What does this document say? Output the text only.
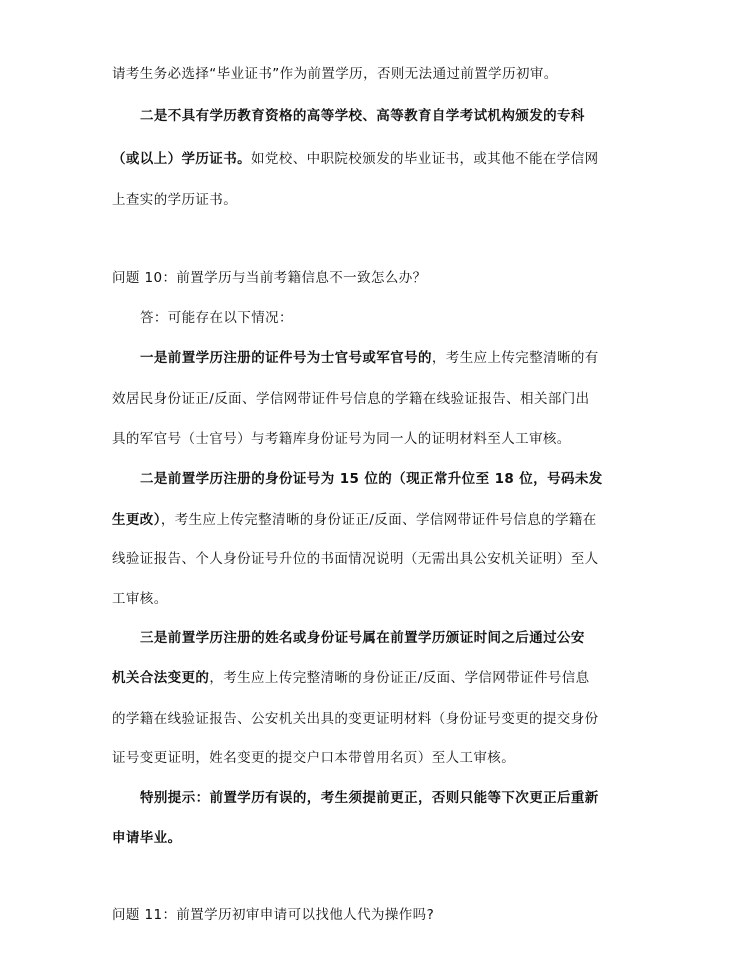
请考生务必选择“毕业证书”作为前置学历，否则无法通过前置学历初审。
二是不具有学历教育资格的高等学校、高等教育自学考试机构颁发的专科
（或以上）学历证书。如党校、中职院校颁发的毕业证书，或其他不能在学信网
上查实的学历证书。
问题 10：前置学历与当前考籍信息不一致怎么办？
答：可能存在以下情况：
一是前置学历注册的证件号为士官号或军官号的，考生应上传完整清晰的有
效居民身份证正/反面、学信网带证件号信息的学籍在线验证报告、相关部门出
具的军官号（士官号）与考籍库身份证号为同一人的证明材料至人工审核。
二是前置学历注册的身份证号为 15 位的（现正常升位至 18 位，号码未发
生更改），考生应上传完整清晰的身份证正/反面、学信网带证件号信息的学籍在
线验证报告、个人身份证号升位的书面情况说明（无需出具公安机关证明）至人
工审核。
三是前置学历注册的姓名或身份证号属在前置学历颁证时间之后通过公安
机关合法变更的，考生应上传完整清晰的身份证正/反面、学信网带证件号信息
的学籍在线验证报告、公安机关出具的变更证明材料（身份证号变更的提交身份
证号变更证明，姓名变更的提交户口本带曾用名页）至人工审核。
特别提示：前置学历有误的，考生须提前更正，否则只能等下次更正后重新
申请毕业。
问题 11：前置学历初审申请可以找他人代为操作吗?
